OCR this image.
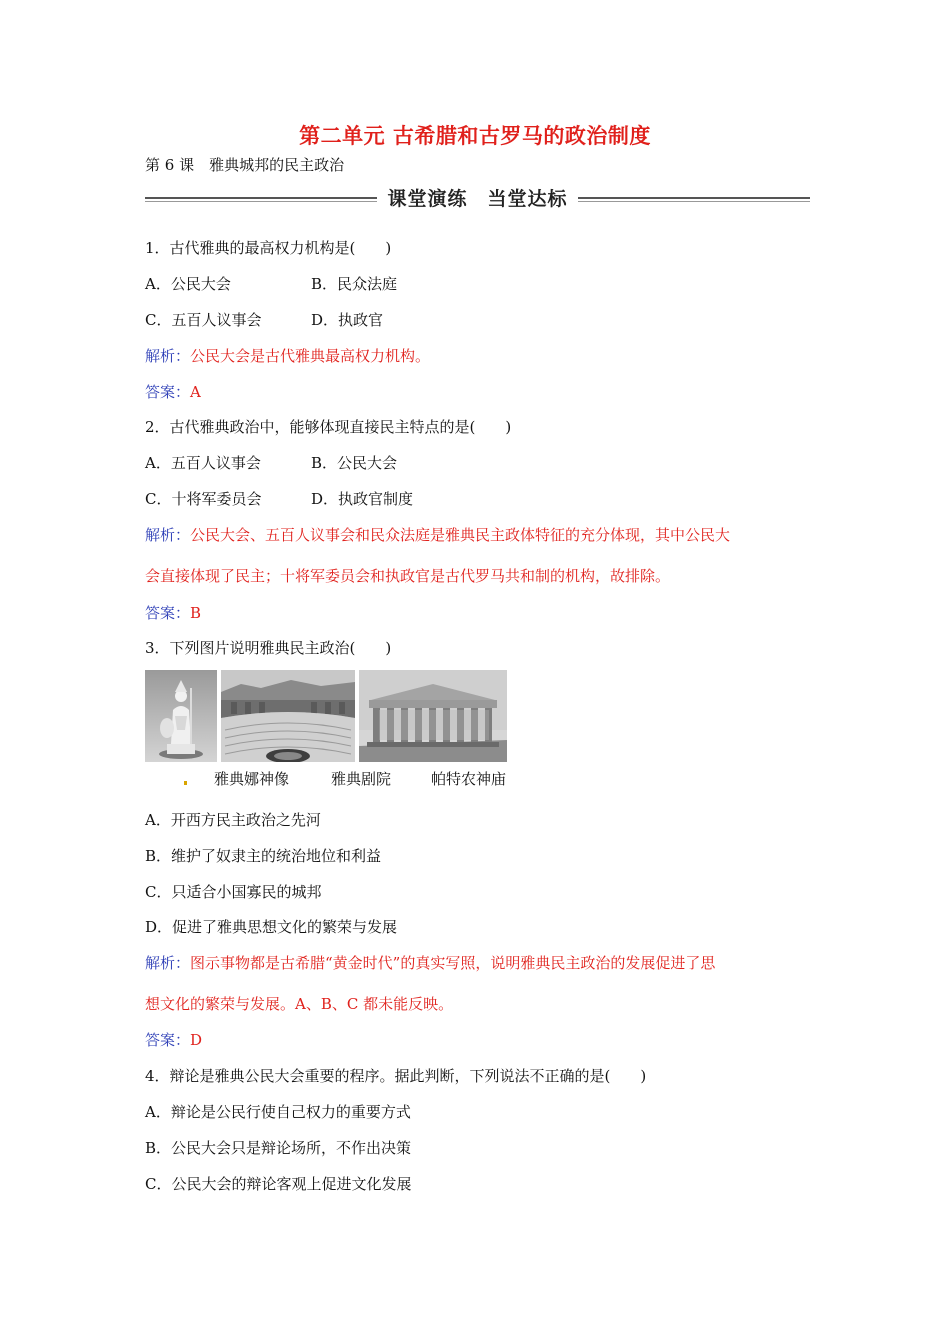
第二单元 古希腊和古罗马的政治制度
第 6 课　雅典城邦的民主政治
课堂演练　当堂达标
1．古代雅典的最高权力机构是(　　)
A．公民大会	B．民众法庭
C．五百人议事会	D．执政官
解析：公民大会是古代雅典最高权力机构。
答案：A
2．古代雅典政治中，能够体现直接民主特点的是(　　)
A．五百人议事会	B．公民大会
C．十将军委员会	D．执政官制度
解析：公民大会、五百人议事会和民众法庭是雅典民主政体特征的充分体现，其中公民大
会直接体现了民主；十将军委员会和执政官是古代罗马共和制的机构，故排除。
答案：B
3．下列图片说明雅典民主政治(　　)
雅典娜神像	雅典剧院	帕特农神庙
A．开西方民主政治之先河
B．维护了奴隶主的统治地位和利益
C．只适合小国寡民的城邦
D．促进了雅典思想文化的繁荣与发展
解析：图示事物都是古希腊“黄金时代”的真实写照，说明雅典民主政治的发展促进了思
想文化的繁荣与发展。A、B、C 都未能反映。
答案：D
4．辩论是雅典公民大会重要的程序。据此判断，下列说法不正确的是(　　)
A．辩论是公民行使自己权力的重要方式
B．公民大会只是辩论场所，不作出决策
C．公民大会的辩论客观上促进文化发展
